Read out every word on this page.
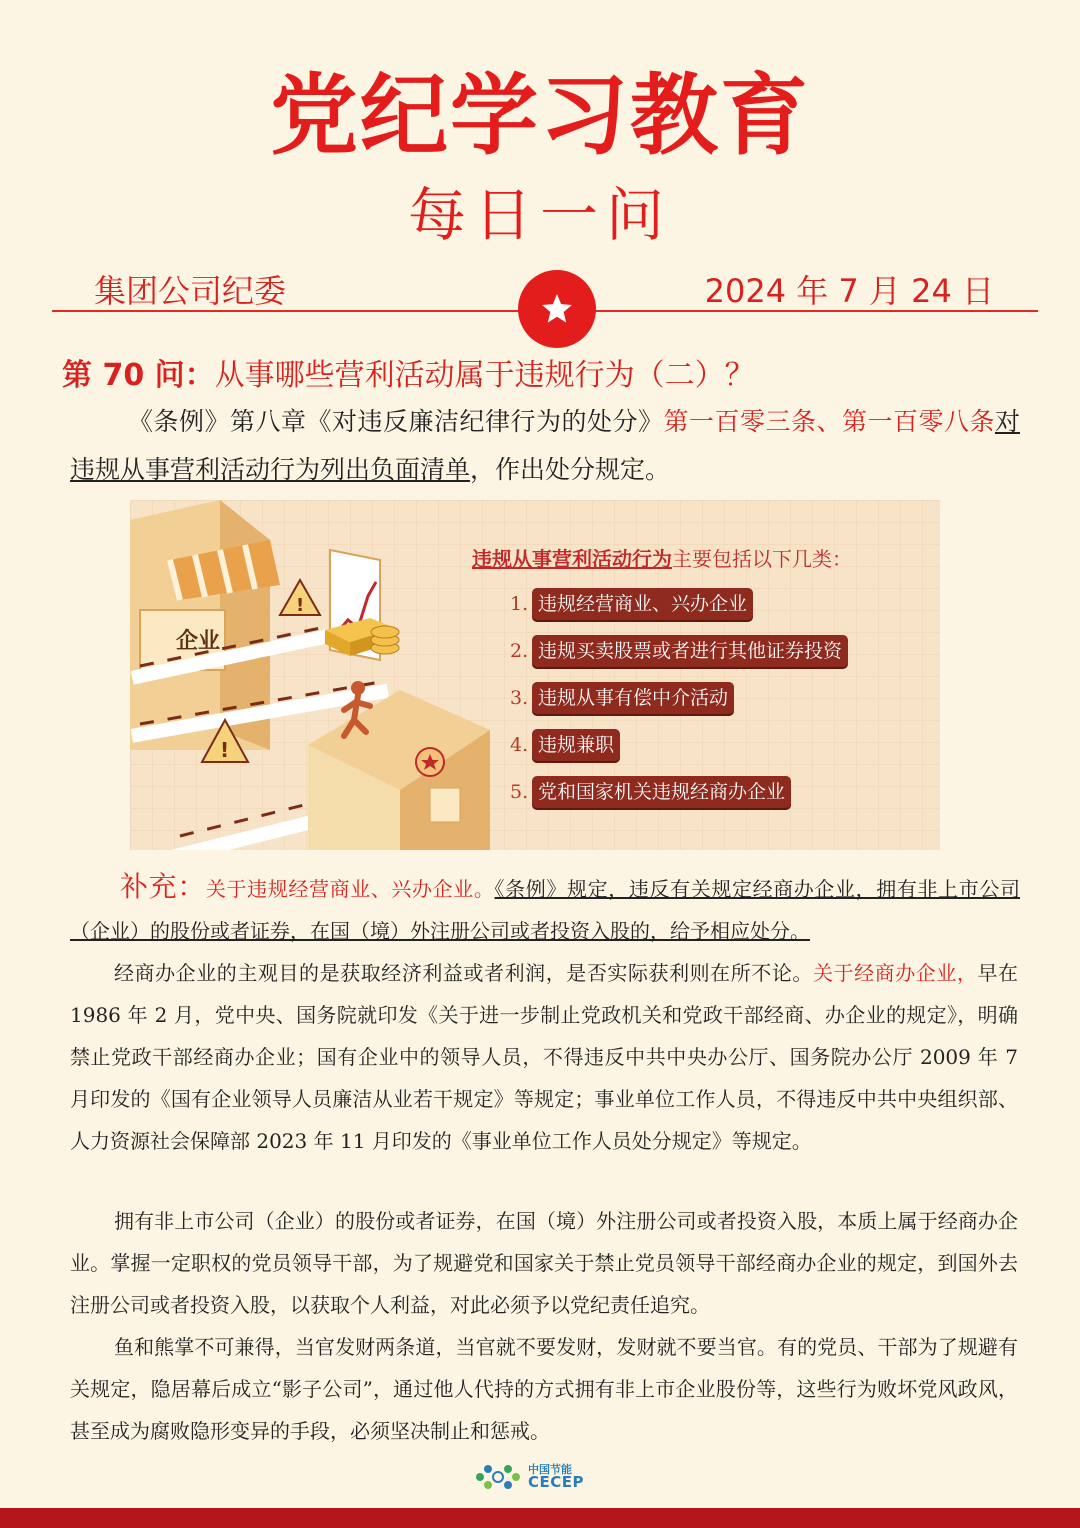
党纪学习教育
每日一问
集团公司纪委	2024 年 7 月 24 日
第 70 问：从事哪些营利活动属于违规行为（二）？
《条例》第八章《对违反廉洁纪律行为的处分》第一百零三条、第一百零八条对违规从事营利活动行为列出负面清单，作出处分规定。
企业
!
!
违规从事营利活动行为主要包括以下几类：
1. 违规经营商业、兴办企业
2. 违规买卖股票或者进行其他证券投资
3. 违规从事有偿中介活动
4. 违规兼职
5. 党和国家机关违规经商办企业
补充：关于违规经营商业、兴办企业。《条例》规定，违反有关规定经商办企业，拥有非上市公司（企业）的股份或者证券，在国（境）外注册公司或者投资入股的，给予相应处分。
经商办企业的主观目的是获取经济利益或者利润，是否实际获利则在所不论。关于经商办企业，早在 1986 年 2 月，党中央、国务院就印发《关于进一步制止党政机关和党政干部经商、办企业的规定》，明确禁止党政干部经商办企业；国有企业中的领导人员，不得违反中共中央办公厅、国务院办公厅 2009 年 7 月印发的《国有企业领导人员廉洁从业若干规定》等规定；事业单位工作人员，不得违反中共中央组织部、人力资源社会保障部 2023 年 11 月印发的《事业单位工作人员处分规定》等规定。
拥有非上市公司（企业）的股份或者证券，在国（境）外注册公司或者投资入股，本质上属于经商办企业。掌握一定职权的党员领导干部，为了规避党和国家关于禁止党员领导干部经商办企业的规定，到国外去注册公司或者投资入股，以获取个人利益，对此必须予以党纪责任追究。
鱼和熊掌不可兼得，当官发财两条道，当官就不要发财，发财就不要当官。有的党员、干部为了规避有关规定，隐居幕后成立“影子公司”，通过他人代持的方式拥有非上市企业股份等，这些行为败坏党风政风，甚至成为腐败隐形变异的手段，必须坚决制止和惩戒。
中国节能
CECEP
